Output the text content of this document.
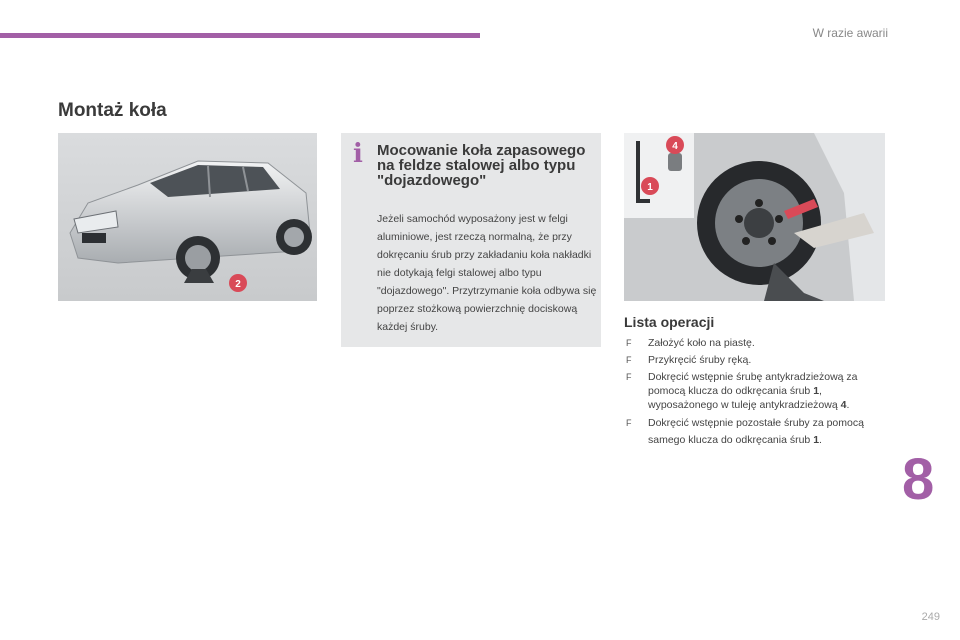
W razie awarii
Montaż koła
2
i Mocowanie koła zapasowego na feldze stalowej albo typu "dojazdowego"
Jeżeli samochód wyposażony jest w felgi aluminiowe, jest rzeczą normalną, że przy dokręcaniu śrub przy zakładaniu koła nakładki nie dotykają felgi stalowej albo typu "dojazdowego". Przytrzymanie koła odbywa się poprzez stożkową powierzchnię dociskową każdej śruby.
4
1
Lista operacji
F Założyć koło na piastę.
F Przykręcić śruby ręką.
F Dokręcić wstępnie śrubę antykradzieżową za pomocą klucza do odkręcania śrub 1, wyposażonego w tuleję antykradzieżową 4.
F Dokręcić wstępnie pozostałe śruby za pomocą samego klucza do odkręcania śrub 1.
8
249
